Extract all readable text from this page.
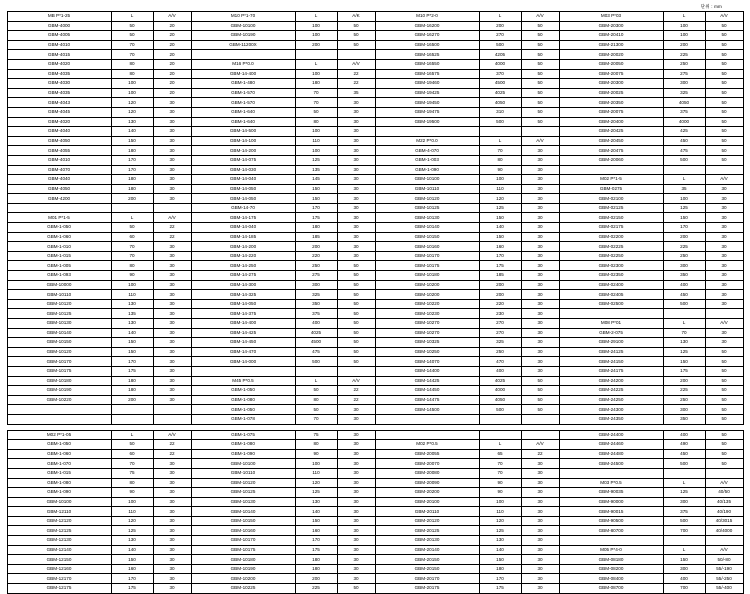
단위 : mm
MB P*1-25	L	A/V	M10 P*1-70	L	A/K	M10 P*2-0	L	A/V	M03 P*03	L	A/V
GBM-4000	50	20	GBM-10100	100	50	GBM-16200	200	50	GBM-20300	100	50
GBM-4005	50	20	GBM-10190	100	50	GBM-16270	270	50	GBM-20410	100	50
GBM-4010	70	20	GBM-11200X	200	50	GBM-16500	500	50	GBM-21300	200	50
GBM-4015	70	20				GBM-16525	4205	50	GBM-20020	225	50
GBM-4020	80	20	M16 P*0.0	L	A/V	GBM-16550	4000	50	GBM-20050	250	50
GBM-4035	80	20	GBM-14-400	100	22	GBM-16575	370	50	GBM-20075	275	50
GBM-4030	100	20	GBM-1-480	180	22	GBM-19460	4500	50	GBM-20300	300	50
GBM-4035	100	20	GBM-1-570	70	35	GBM-19425	4025	50	GBM-20025	325	50
GBM-4043	120	30	GBM-1-570	70	30	GBM-19450	4050	50	GBM-20350	4050	50
GBM-4045	120	30	GBM-1-640	50	30	GBM-19475	310	50	GBM-20075	375	50
GBM-4020	130	30	GBM-1-640	80	30	GBM-19500	500	50	GBM-20400	4000	50
GBM-4040	140	30	GBM-14-500	100	30				GBM-20425	425	50
GBM-4050	150	30	GBM-14-100	110	30	M22 P*0.0	L	A/V	GBM-20450	450	50
GBM-4055	180	30	GBM-14-200	100	30	GBM-4-070	70	30	GBM-20475	475	50
GBM-4010	170	30	GBM-14-075	125	30	GBM-1-003	80	30	GBM-20060	500	50
GBM-4070	170	30	GBM-14-030	135	30	GBM-1-090	90	30			
GBM-4040	180	30	GBM-14-040	145	30	GBM-10100	100	30	M02 P*1-5	L	A/V
GBM-4050	180	30	GBM-14-050	150	30	GBM-10110	110	30	GBM-0275	35	30
GBM-4200	200	30	GBM-14-050	150	30	GBM-10120	120	30	GBM-02100	100	30
			GBM-14-70	170	30	GBM-10125	125	30	GBM-02125	125	30
M01 P*1-5	L	A/V	GBM-14-175	175	30	GBM-10130	150	30	GBM-02150	150	30
GBM-1-050	50	22	GBM-14-040	180	30	GBM-10140	140	30	GBM-02175	170	30
GBM-1-060	60	22	GBM-14-185	185	30	GBM-10150	150	30	GBM-02200	200	30
GBM-1-010	70	30	GBM-14-200	200	30	GBM-10160	160	30	GBM-02225	225	30
GBM-1-015	70	30	GBM-14-220	220	30	GBM-10170	170	30	GBM-02250	250	30
GBM-1-005	80	30	GBM-14-250	250	50	GBM-10175	175	30	GBM-02300	300	30
GBM-1-093	90	30	GBM-14-275	275	50	GBM-10180	185	30	GBM-02350	350	30
GBM-10000	100	30	GBM-14-300	300	50	GBM-10200	200	30	GBM-02400	400	30
GBM-10110	110	30	GBM-14-325	325	50	GBM-10200	200	30	GBM-02405	450	30
GBM-10120	130	30	GBM-14-050	350	50	GBM-10220	220	30	GBM-02500	500	30
GBM-10125	135	30	GBM-14-375	375	50	GBM-10230	230	30			
GBM-10130	130	30	GBM-14-400	400	50	GBM-10270	270	30	M08 P*01	L	A/V
GBM-10140	140	30	GBM-14-425	4025	50	GBM-10270	270	30	GBM-2-075	70	30
GBM-10150	150	30	GBM-14-450	4500	50	GBM-10325	325	30	GBM-29100	130	30
GBM-10120	150	30	GBM-14-470	475	50	GBM-10250	250	30	GBM-24125	125	50
GBM-10170	170	30	GBM-14-000	500	50	GBM-14070	470	30	GBM-24150	150	50
GBM-10175	175	30				GBM-14400	400	30	GBM-24175	175	50
GBM-10180	180	30	M45 P*0.5	L	A/V	GBM-14425	4025	50	GBM-24200	200	50
GBM-10190	180	30	GBM-1-050	50	22	GBM-14450	4000	50	GBM-24225	225	50
GBM-10220	200	30	GBM-1-080	80	22	GBM-14475	4050	50	GBM-24250	250	50
			GBM-1-050	50	30	GBM-14500	500	50	GBM-24300	300	50
			GBM-1-078	70	30				GBM-24350	350	50
M02 P*1-05	L	A/V	GBM-1-075	75	30				GBM-24400	400	50
GBM-1-050	50	22	GBM-1-080	80	30	M02 P*0.5	L	A/V	GBM-24460	490	50
GBM-1-060	60	22	GBM-1-090	90	30	GBM-20055	65	22	GBM-24480	450	50
GBM-1-070	70	30	GBM-10100	100	30	GBM-20070	70	30	GBM-24500	500	50
GBM-1-015	75	30	GBM-10110	110	30	GBM-20080	70	30			
GBM-1-080	80	30	GBM-10120	120	30	GBM-20090	90	30	M03 P*0.5	L	A/V
GBM-1-090	90	30	GBM-10125	125	30	GBM-20200	90	30	GBM-90035	125	40/50
GBM-10100	100	30	GBM-10130	130	30	GBM-20100	100	30	GBM-90000	300	40/135
GBM-12110	110	30	GBM-10140	140	30	GBM-20110	110	30	GBM-90015	375	40/190
GBM-12120	120	30	GBM-10150	150	30	GBM-20120	120	30	GBM-90500	500	40/3015
GBM-12125	125	30	GBM-10160	160	30	GBM-20125	125	30	GBM-80700	700	40/4000
GBM-12130	130	30	GBM-10170	170	30	GBM-20130	130	30			
GBM-12140	140	30	GBM-10175	175	30	GBM-20140	140	30	M05 P*4-0	L	A/V
GBM-12150	150	30	GBM-10180	180	30	GBM-20150	150	30	GBM-08180	150	50/-80
GBM-12160	160	30	GBM-10190	180	30	GBM-20150	180	30	GBM-08200	300	55/-190
GBM-12170	170	30	GBM-10200	200	30	GBM-20170	170	30	GBM-08400	400	55/-250
GBM-12175	175	30	GBM-10225	225	50	GBM-20175	175	30	GBM-08700	700	55/-400
